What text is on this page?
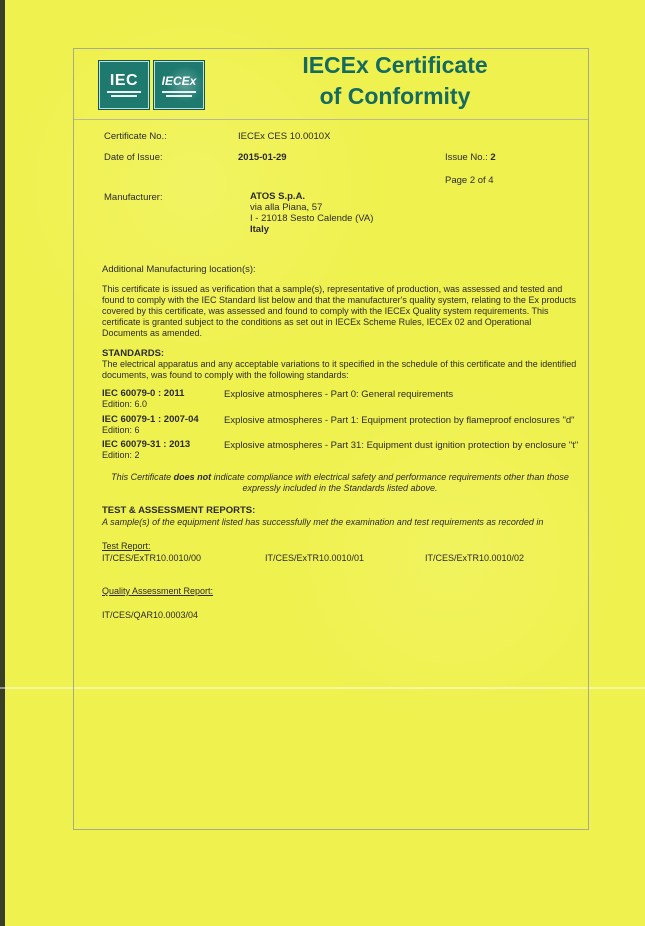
IEC IECEx
IECEx Certificate
of Conformity
Certificate No.:	IECEx CES 10.0010X
Date of Issue:	2015-01-29	Issue No.: 2
Page 2 of 4
Manufacturer:	ATOS S.p.A.
via alla Piana, 57
I - 21018 Sesto Calende (VA)
Italy
Additional Manufacturing location(s):
This certificate is issued as verification that a sample(s), representative of production, was assessed and tested and found to comply with the IEC Standard list below and that the manufacturer's quality system, relating to the Ex products covered by this certificate, was assessed and found to comply with the IECEx Quality system requirements. This certificate is granted subject to the conditions as set out in IECEx Scheme Rules, IECEx 02 and Operational Documents as amended.
STANDARDS:
The electrical apparatus and any acceptable variations to it specified in the schedule of this certificate and the identified documents, was found to comply with the following standards:
IEC 60079-0 : 2011
Edition: 6.0
Explosive atmospheres - Part 0: General requirements
IEC 60079-1 : 2007-04
Edition: 6
Explosive atmospheres - Part 1: Equipment protection by flameproof enclosures "d"
IEC 60079-31 : 2013
Edition: 2
Explosive atmospheres - Part 31: Equipment dust ignition protection by enclosure "t"
This Certificate does not indicate compliance with electrical safety and performance requirements other than those expressly included in the Standards listed above.
TEST & ASSESSMENT REPORTS:
A sample(s) of the equipment listed has successfully met the examination and test requirements as recorded in
Test Report:
IT/CES/ExTR10.0010/00	IT/CES/ExTR10.0010/01	IT/CES/ExTR10.0010/02
Quality Assessment Report:
IT/CES/QAR10.0003/04
